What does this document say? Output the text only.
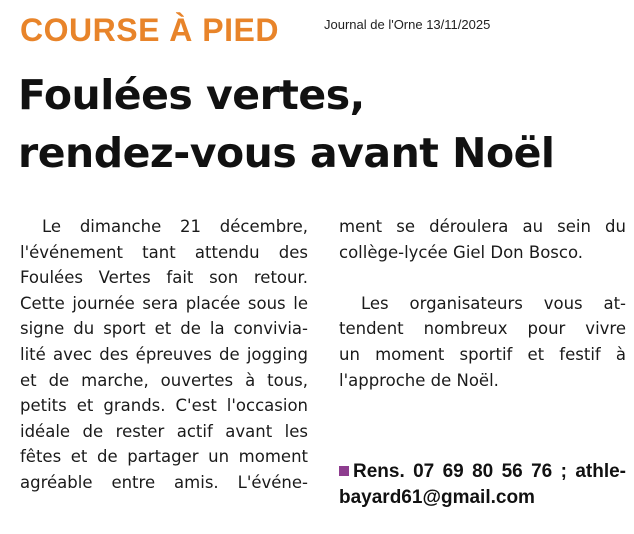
COURSE À PIED	Journal de l'Orne 13/11/2025
Foulées vertes,
rendez-vous avant Noël
Le dimanche 21 décembre,
l'événement tant attendu des
Foulées Vertes fait son retour.
Cette journée sera placée sous le
signe du sport et de la convivia-
lité avec des épreuves de jogging
et de marche, ouvertes à tous,
petits et grands. C'est l'occasion
idéale de rester actif avant les
fêtes et de partager un moment
agréable entre amis. L'événe-
ment se déroulera au sein du
collège-lycée Giel Don Bosco.
Les organisateurs vous at-
tendent nombreux pour vivre
un moment sportif et festif à
l'approche de Noël.
Rens. 07 69 80 56 76 ; athle-
bayard61@gmail.com
